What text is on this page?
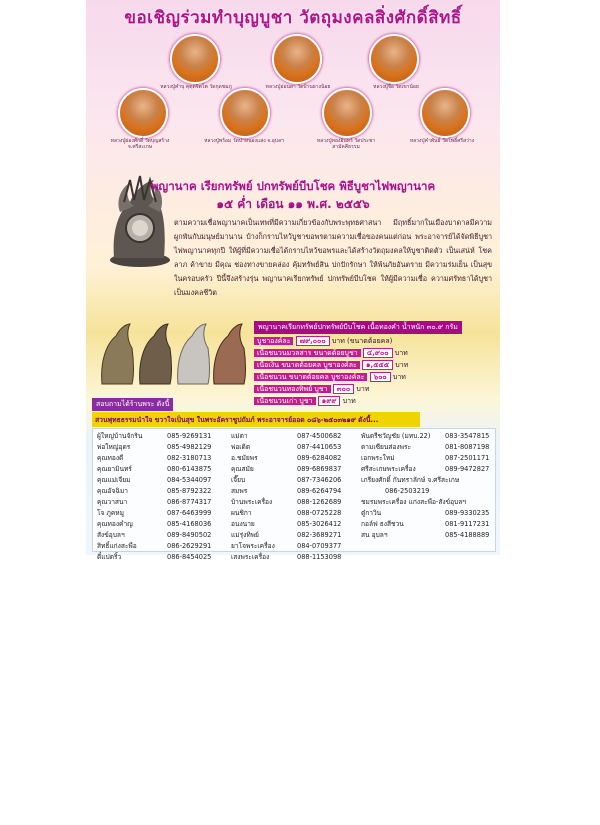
ขอเชิญร่วมทำบุญบูชา วัตถุมงคลสิ่งศักดิ์สิทธิ์
หลวงปู่คำบุ คุตฺตจิตโต วัดกุดชมภู	หลวงปู่อ่อนสา วัดบ้านยางน้อย	หลวงปู่จื่อ วัดเขาน้อย
หลวงปู่ผ่องศักดิ์ วัดบุญสร้าง จ.ศรีสะเกษ
หลวงปู่พร้อม วัดป่าหนองแสง จ.อุบลฯ	หลวงปู่ทองอินทร์ วัดประชาสามัคคีธรรม
หลวงปู่คำพันธ์ วัดโพธิ์ศรีสว่าง
พญานาค เรียกทรัพย์ ปกทรัพย์บีบโชค พิธีบูชาไฟพญานาค
๑๕ ค่ำ เดือน ๑๑ พ.ศ. ๒๕๕๖
ตามความเชื่อพญานาคเป็นเทพที่มีความเกี่ยวข้องกับพระพุทธศาสนา มีฤทธิ์มากในเมืองบาดาลมีความผูกพันกับมนุษย์มานาน บ้างก็กราบไหว้บูชาขอพรตามความเชื่อของคนแต่ก่อน พระอาจารย์ได้จัดพิธีบูชาไฟพญานาคทุกปี ให้ผู้ที่มีความเชื่อได้กราบไหว้ขอพรและได้สร้างวัตถุมงคลให้บูชาติดตัว เป็นเสน่ห์ โชคลาภ ค้าขาย มีคุณ ช่องทางขายคล่อง คุ้มทรัพย์สิน ปกปักรักษา ให้พ้นภัยอันตราย มีความร่มเย็น เป็นสุขในครอบครัว ปีนี้จึงสร้างรุ่น พญานาคเรียกทรัพย์ ปกทรัพย์บีบโชค ให้ผู้มีความเชื่อ ความศรัทธาได้บูชา เป็นมงคลชีวิต
พญานาคเรียกทรัพย์ปกทรัพย์บีบโชค เนื้อทองคำ น้ำหนัก ๓๐.๙ กรัม
บูชาองค์ละ ๗๙,๐๐๐ บาท (ขนาดต้อยคล)
เนื้อชนวนมวลสาร ขนาดต้อยบูชา ๔,๙๐๐ บาท
เนื้อเงิน ขนาดต้อยคล บูชาองค์ละ ๑,๕๕๕ บาท
เนื้อชนวน ขนาดต้อยคล บูชาองค์ละ ๖๐๐ บาท
เนื้อชนวนทองทิพย์ บูชา ๓๐๐ บาท
เนื้อชนวนเก่า บูชา ๑๙๙ บาท
สอบถามได้ร้านพระ ดังนี้
สวนพุทธธรรมนำใจ ขวาใจเป็นสุข ในพระอัคราชูปถัมภ์ พระอาจารย์ออด ๐๘๖-๒๕๐๓๒๑๙ ดังนี้...
ผู้ใหญ่บ้านจักริน	085-9269131
พ่อใหญ่อุดร	085-4982129
คุณทองดี	082-3180713
คุณยามินทร์	080-6143875
คุณแม่เจียม	084-5344097
คุณอัจฉิมา	085-8792322
คุณวาสนา	086-8774317
โจ ภูคหมู	087-6463999
คุณทองคำญ	085-4168036
สังข์อุบลฯ	089-8490502
สิทธิ์แก่งสะพือ	086-2629291
ตี๋แปดริ้ว	086-8454025
แม่ตา	087-4500682
พ่อเดิด	087-4410653
อ.ชมัยพร	089-6284082
คุณสมัย	089-6869837
เจี๊ยบ	087-7346206
สมพร	089-6264794
บ้านพระเครื่อง	088-1262689
ผนชิกา	088-0725228
อนงนาย	085-3026412
แม่รุ่งทิพย์	082-3689271
ยาโจพระเครื่อง	084-0709377
เสงพระเครื่อง	088-1153098
พันตรีชวัญชัย (มทบ.22) 083-3547815
ตามเซียนส่องพระ	081-8087198
เอกพระใหม่	087-2501171
ศรีสะเกษพระเครื่อง	089-9472827
เภรียงศักดิ์ กันทราลักษ์ จ.ศรีสะเกษ
086-2503219
ชมรมพระเครื่อง แก่งสะพือ-สังข์อุบลฯ
ตู๋กาวิน	089-9330235
กอล์ฟ ธงสีชวน	081-9117231
สน อุบลฯ	085-4188889
